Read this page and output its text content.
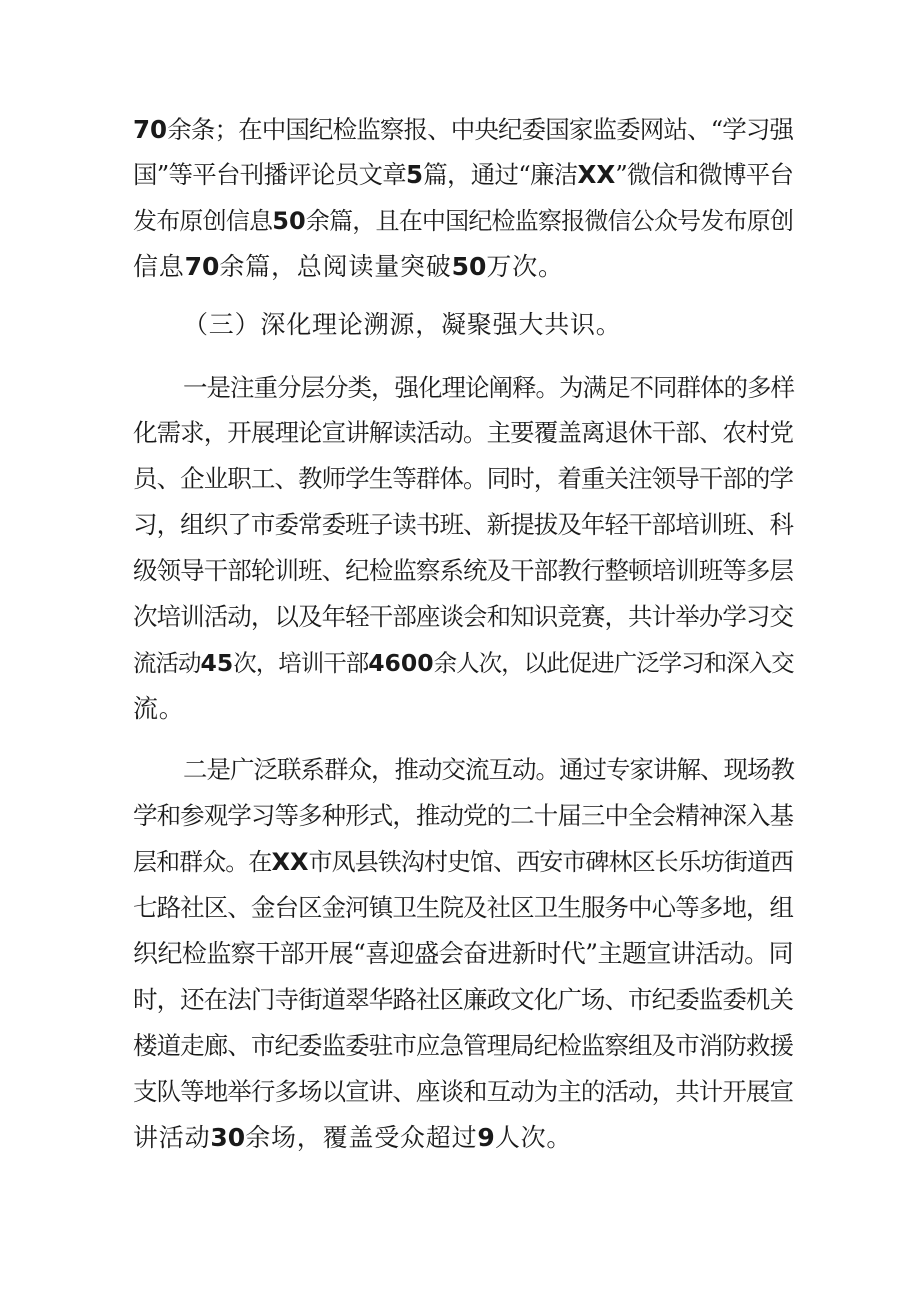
70余条；在中国纪检监察报、中央纪委国家监委网站、“学习强

国”等平台刊播评论员文章5篇，通过“廉洁XX”微信和微博平台

发布原创信息50余篇，且在中国纪检监察报微信公众号发布原创

信息70余篇，总阅读量突破50万次。

（三）深化理论溯源，凝聚强大共识。

一是注重分层分类，强化理论阐释。为满足不同群体的多样

化需求，开展理论宣讲解读活动。主要覆盖离退休干部、农村党

员、企业职工、教师学生等群体。同时，着重关注领导干部的学

习，组织了市委常委班子读书班、新提拔及年轻干部培训班、科

级领导干部轮训班、纪检监察系统及干部教行整顿培训班等多层

次培训活动，以及年轻干部座谈会和知识竞赛，共计举办学习交

流活动45次，培训干部4600余人次，以此促进广泛学习和深入交

流。

二是广泛联系群众，推动交流互动。通过专家讲解、现场教

学和参观学习等多种形式，推动党的二十届三中全会精神深入基

层和群众。在XX市凤县铁沟村史馆、西安市碑林区长乐坊街道西

七路社区、金台区金河镇卫生院及社区卫生服务中心等多地，组

织纪检监察干部开展“喜迎盛会奋进新时代”主题宣讲活动。同

时，还在法门寺街道翠华路社区廉政文化广场、市纪委监委机关

楼道走廊、市纪委监委驻市应急管理局纪检监察组及市消防救援

支队等地举行多场以宣讲、座谈和互动为主的活动，共计开展宣

讲活动30余场，覆盖受众超过9人次。
